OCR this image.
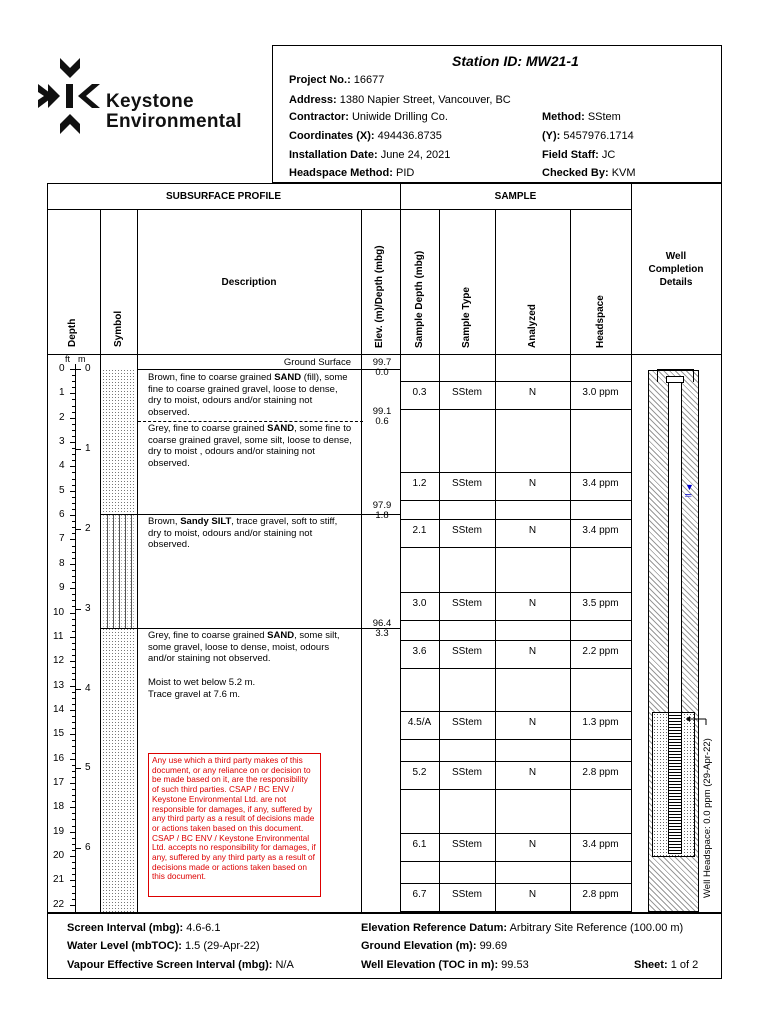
Keystone
Environmental
Station ID: MW21-1
Project No.: 16677
Address: 1380 Napier Street, Vancouver, BC
Contractor: Uniwide Drilling Co.	Method: SStem
Coordinates (X): 494436.8735	(Y): 5457976.1714
Installation Date: June 24, 2021	Field Staff: JC
Headspace Method: PID	Checked By: KVM
SUBSURFACE PROFILE	SAMPLE
Depth	Symbol
Description	Elev. (m)/Depth (mbg)	Sample Depth (mbg)	Sample Type	Analyzed	Headspace
Well Completion Details
ft m
0
1
2
3
4
5
6
7
8
9
10
11
12
13
14
15
16
17
18
19
20
21
22
0
1
2
3
4
5
6
Ground Surface 99.7
0.0
99.1
0.6
97.9
1.8
96.4
3.3
Brown, fine to coarse grained SAND (fill), some fine to coarse grained gravel, loose to dense, dry to moist, odours and/or staining not observed.
Grey, fine to coarse grained SAND, some fine to coarse grained gravel, some silt, loose to dense, dry to moist , odours and/or staining not observed.
Brown, Sandy SILT, trace gravel, soft to stiff, dry to moist, odours and/or staining not observed.
Grey, fine to coarse grained SAND, some silt, some gravel, loose to dense, moist, odours and/or staining not observed.
Moist to wet below 5.2 m.
Trace gravel at 7.6 m.
Any use which a third party makes of this document, or any reliance on or decision to be made based on it, are the responsibility of such third parties. CSAP / BC ENV / Keystone Environmental Ltd. are not responsible for damages, if any, suffered by any third party as a result of decisions made or actions taken based on this document. CSAP / BC ENV / Keystone Environmental Ltd. accepts no responsibility for damages, if any, suffered by any third party as a result of decisions made or actions taken based on this document.
0.3	SStem	N	3.0 ppm
1.2	SStem	N	3.4 ppm
2.1	SStem	N	3.4 ppm
3.0	SStem	N	3.5 ppm
3.6	SStem	N	2.2 ppm
4.5/A	SStem	N	1.3 ppm
5.2	SStem	N	2.8 ppm
6.1	SStem	N	3.4 ppm
6.7	SStem	N	2.8 ppm
▼
═
Well Headspace: 0.0 ppm (29-Apr-22)
Screen Interval (mbg): 4.6-6.1
Water Level (mbTOC): 1.5 (29-Apr-22)
Vapour Effective Screen Interval (mbg): N/A
Elevation Reference Datum: Arbitrary Site Reference (100.00 m)
Ground Elevation (m): 99.69
Well Elevation (TOC in m): 99.53	Sheet: 1 of 2
